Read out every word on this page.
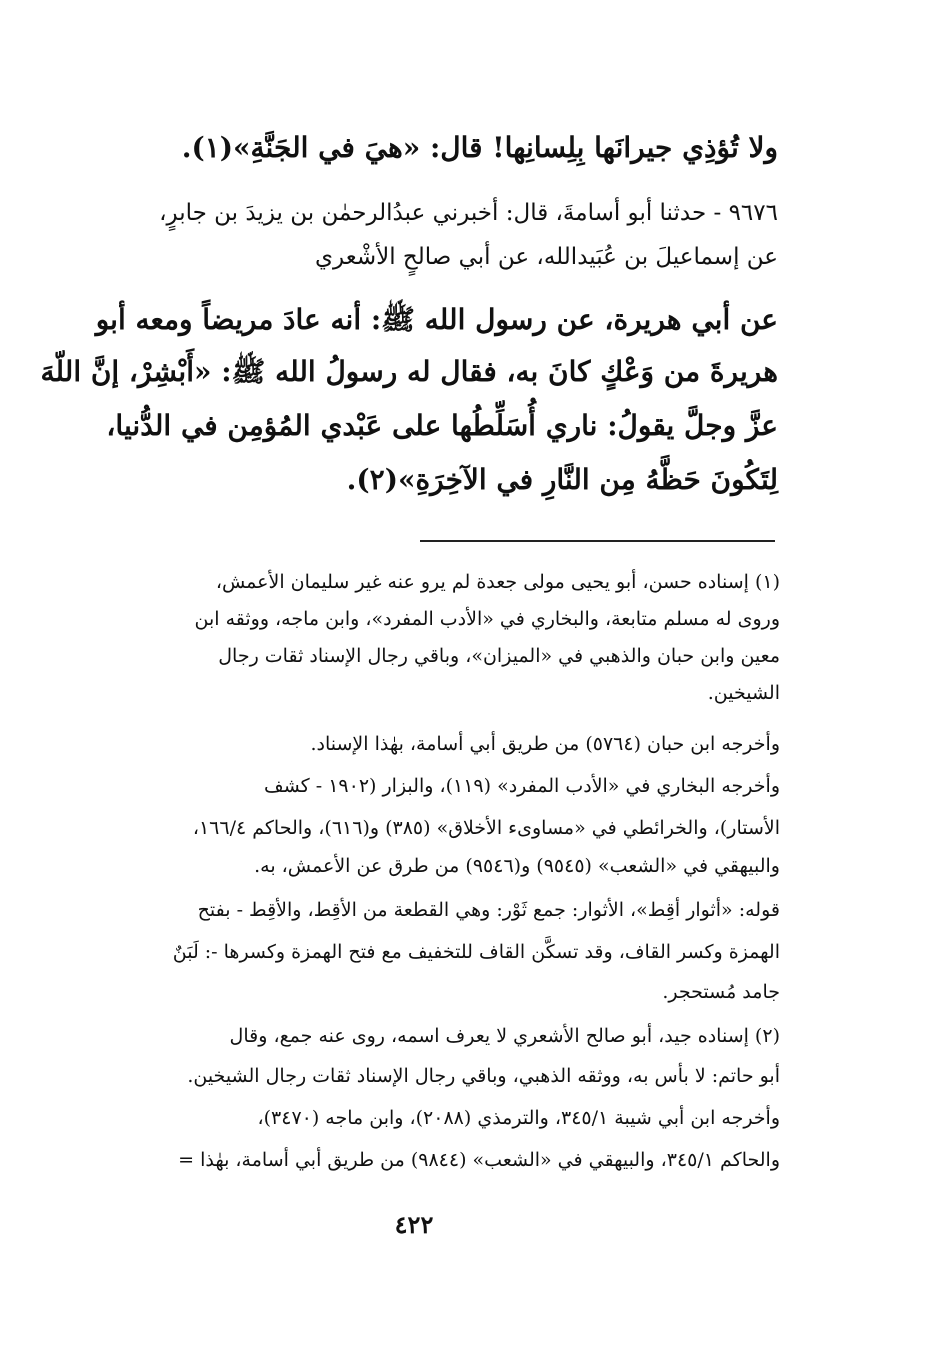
ولا تُؤذِي جيرانَها بِلِسانِها! قال: «هيَ في الجَنَّةِ»(١).
٩٦٧٦ - حدثنا أبو أسامةَ، قال: أخبرني عبدُالرحمٰن بن يزيدَ بن جابرٍ،
عن إسماعيلَ بن عُبَيدالله، عن أبي صالحٍ الأشْعري
عن أبي هريرة، عن رسول الله ﷺ: أنه عادَ مريضاً ومعه أبو
هريرةَ من وَعْكٍ كانَ به، فقال له رسولُ الله ﷺ: «أَبْشِرْ، إنَّ اللّهَ
عزَّ وجلَّ يقولُ: ناري أُسَلِّطُها على عَبْدي المُؤمِن في الدُّنيا،
لِتَكُونَ حَظَّهُ مِن النَّارِ في الآخِرَةِ»(٢).
(١) إسناده حسن، أبو يحيى مولى جعدة لم يرو عنه غير سليمان الأعمش،
وروى له مسلم متابعة، والبخاري في «الأدب المفرد»، وابن ماجه، ووثقه ابن
معين وابن حبان والذهبي في «الميزان»، وباقي رجال الإسناد ثقات رجال
الشيخين.
وأخرجه ابن حبان (٥٧٦٤) من طريق أبي أسامة، بهٰذا الإسناد.
وأخرجه البخاري في «الأدب المفرد» (١١٩)، والبزار (١٩٠٢ - كشف
الأستار)، والخرائطي في «مساوىء الأخلاق» (٣٨٥) و(٦١٦)، والحاكم ١٦٦/٤،
والبيهقي في «الشعب» (٩٥٤٥) و(٩٥٤٦) من طرق عن الأعمش، به.
قوله: «أثوار أقِط»، الأثوار: جمع ثَوْر: وهي القطعة من الأقِط، والأقِط - بفتح
الهمزة وكسر القاف، وقد تسكَّن القاف للتخفيف مع فتح الهمزة وكسرها -: لَبَنٌ
جامد مُستحجر.
(٢) إسناده جيد، أبو صالح الأشعري لا يعرف اسمه، روى عنه جمع، وقال
أبو حاتم: لا بأس به، ووثقه الذهبي، وباقي رجال الإسناد ثقات رجال الشيخين.
وأخرجه ابن أبي شيبة ٣٤٥/١، والترمذي (٢٠٨٨)، وابن ماجه (٣٤٧٠)،
والحاكم ٣٤٥/١، والبيهقي في «الشعب» (٩٨٤٤) من طريق أبي أسامة، بهٰذا =
٤٢٢
